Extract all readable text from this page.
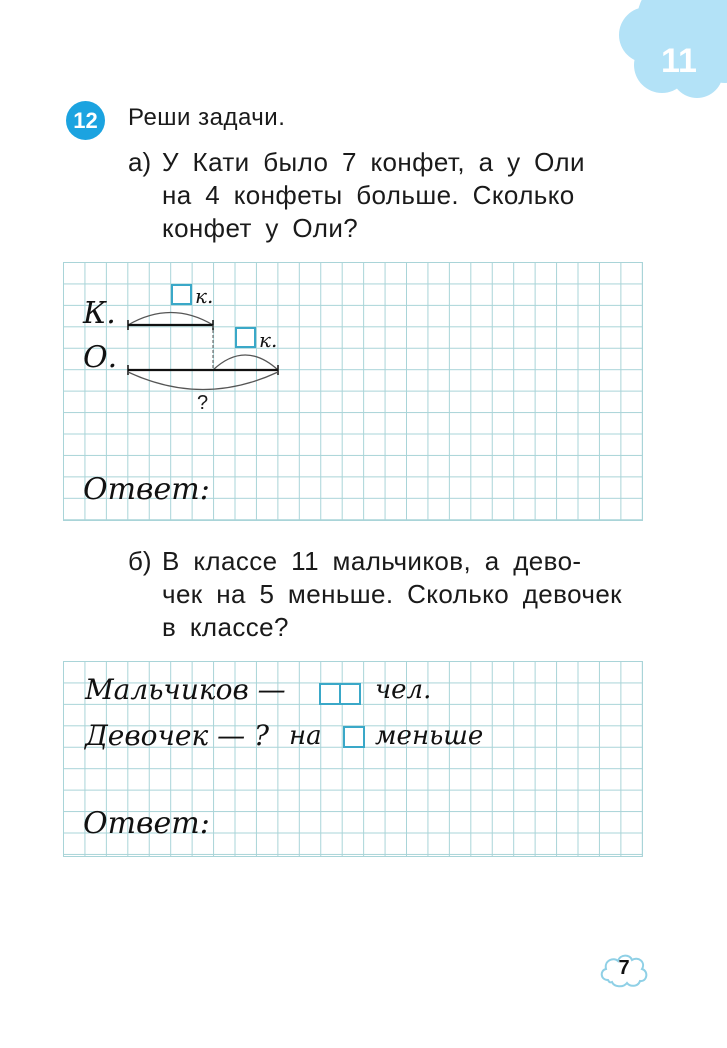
11
12	Реши задачи.
а) У Кати было 7 конфет, а у Оли
на 4 конфеты больше. Сколько
конфет у Оли?
К.
О.
к.
к.
?
Ответ:
б) В классе 11 мальчиков, а дево-
чек на 5 меньше. Сколько девочек
в классе?
Мальчиков —	чел.
Девочек — ? на меньше
Ответ:
7
